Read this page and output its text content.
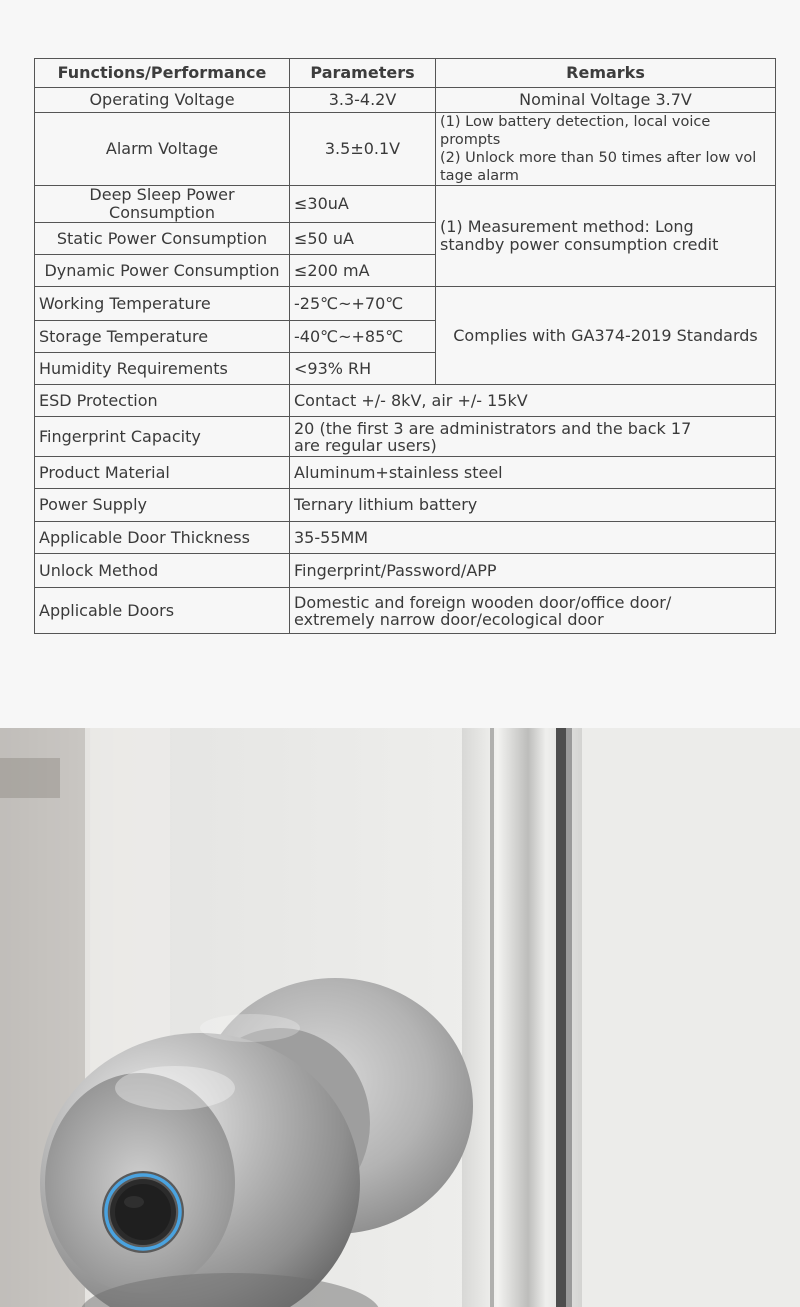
Functions/Performance	Parameters	Remarks
Operating Voltage	3.3-4.2V	Nominal Voltage 3.7V
Alarm Voltage	3.5±0.1V	(1) Low battery detection, local voice prompts
(2) Unlock more than 50 times after low vol
tage alarm

Deep Sleep Power Consumption	≤30uA	(1) Measurement method: Long
standby power consumption credit

Static Power Consumption	≤50 uA	
Dynamic Power Consumption	≤200 mA	
Working Temperature	-25℃~+70℃	Complies with GA374-2019 Standards
Storage Temperature	-40℃~+85℃	
Humidity Requirements	<93% RH	
ESD Protection	Contact +/- 8kV, air +/- 15kV	
Fingerprint Capacity	20 (the first 3 are administrators and the back 17
are regular users)	

Product Material	Aluminum+stainless steel	
Power Supply	Ternary lithium battery	
Applicable Door Thickness	35-55MM	
Unlock Method	Fingerprint/Password/APP	
Applicable Doors	Domestic and foreign wooden door/office door/
extremely narrow door/ecological door	
